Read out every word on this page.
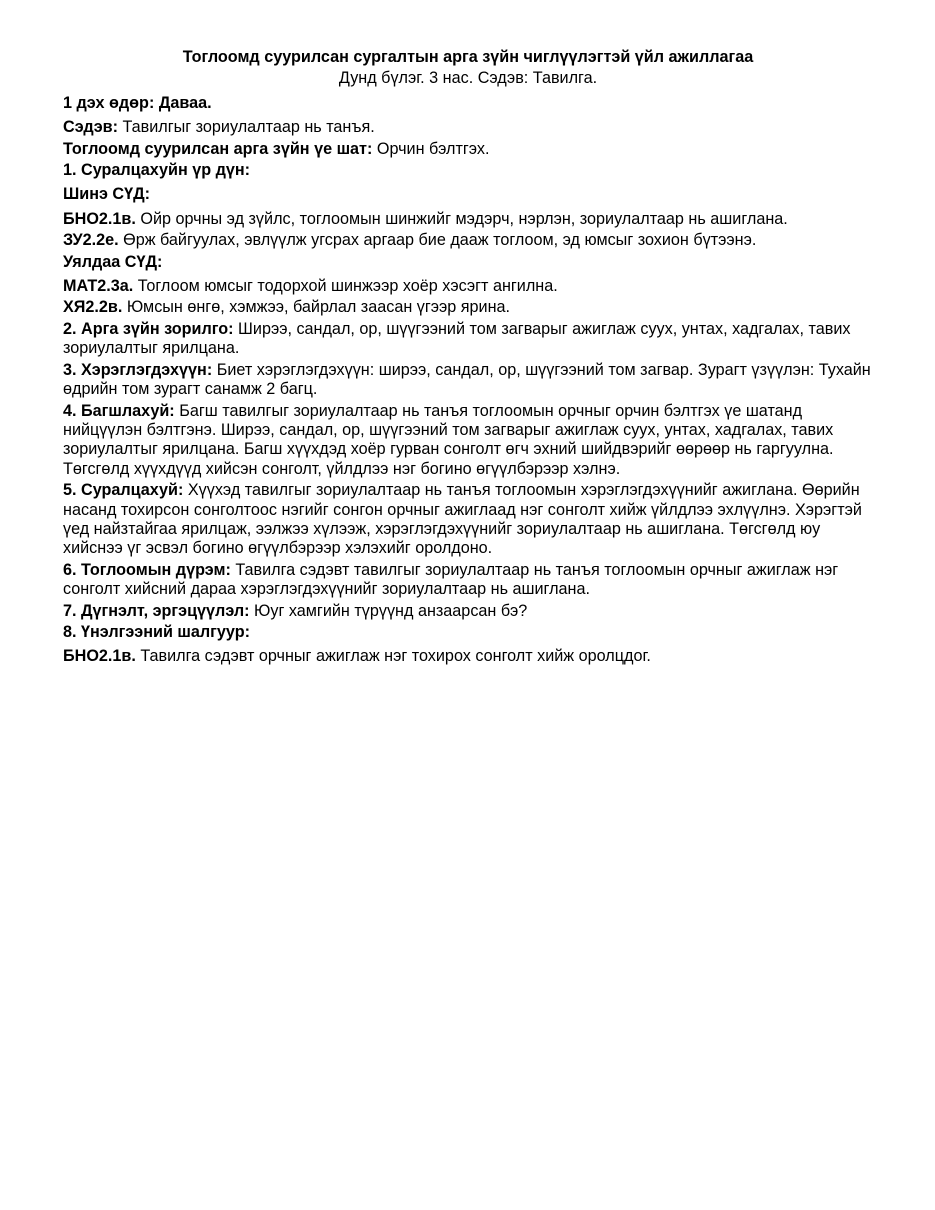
Тоглоомд суурилсан сургалтын арга зүйн чиглүүлэгтэй үйл ажиллагаа
Дунд бүлэг. 3 нас. Сэдэв: Тавилга.
1 дэх өдөр: Даваа.
Сэдэв: Тавилгыг зориулалтаар нь танъя.
Тоглоомд суурилсан арга зүйн үе шат: Орчин бэлтгэх.
1. Суралцахуйн үр дүн:
Шинэ СҮД:
БНО2.1в. Ойр орчны эд зүйлс, тоглоомын шинжийг мэдэрч, нэрлэн, зориулалтаар нь ашиглана.
ЗУ2.2е. Өрж байгуулах, эвлүүлж угсрах аргаар бие дааж тоглоом, эд юмсыг зохион бүтээнэ.
Уялдаа СҮД:
МАТ2.3а. Тоглоом юмсыг тодорхой шинжээр хоёр хэсэгт ангилна.
ХЯ2.2в. Юмсын өнгө, хэмжээ, байрлал заасан үгээр ярина.
2. Арга зүйн зорилго: Ширээ, сандал, ор, шүүгээний том загварыг ажиглаж суух, унтах, хадгалах, тавих зориулалтыг ярилцана.
3. Хэрэглэгдэхүүн: Биет хэрэглэгдэхүүн: ширээ, сандал, ор, шүүгээний том загвар. Зурагт үзүүлэн: Тухайн өдрийн том зурагт санамж 2 багц.
4. Багшлахуй: Багш тавилгыг зориулалтаар нь танъя тоглоомын орчныг орчин бэлтгэх үе шатанд нийцүүлэн бэлтгэнэ. Ширээ, сандал, ор, шүүгээний том загварыг ажиглаж суух, унтах, хадгалах, тавих зориулалтыг ярилцана. Багш хүүхдэд хоёр гурван сонголт өгч эхний шийдвэрийг өөрөөр нь гаргуулна. Төгсгөлд хүүхдүүд хийсэн сонголт, үйлдлээ нэг богино өгүүлбэрээр хэлнэ.
5. Суралцахуй: Хүүхэд тавилгыг зориулалтаар нь танъя тоглоомын хэрэглэгдэхүүнийг ажиглана. Өөрийн насанд тохирсон сонголтоос нэгийг сонгон орчныг ажиглаад нэг сонголт хийж үйлдлээ эхлүүлнэ. Хэрэгтэй үед найзтайгаа ярилцаж, ээлжээ хүлээж, хэрэглэгдэхүүнийг зориулалтаар нь ашиглана. Төгсгөлд юу хийснээ үг эсвэл богино өгүүлбэрээр хэлэхийг оролдоно.
6. Тоглоомын дүрэм: Тавилга сэдэвт тавилгыг зориулалтаар нь танъя тоглоомын орчныг ажиглаж нэг сонголт хийсний дараа хэрэглэгдэхүүнийг зориулалтаар нь ашиглана.
7. Дүгнэлт, эргэцүүлэл: Юуг хамгийн түрүүнд анзаарсан бэ?
8. Үнэлгээний шалгуур:
БНО2.1в. Тавилга сэдэвт орчныг ажиглаж нэг тохирох сонголт хийж оролцдог.
